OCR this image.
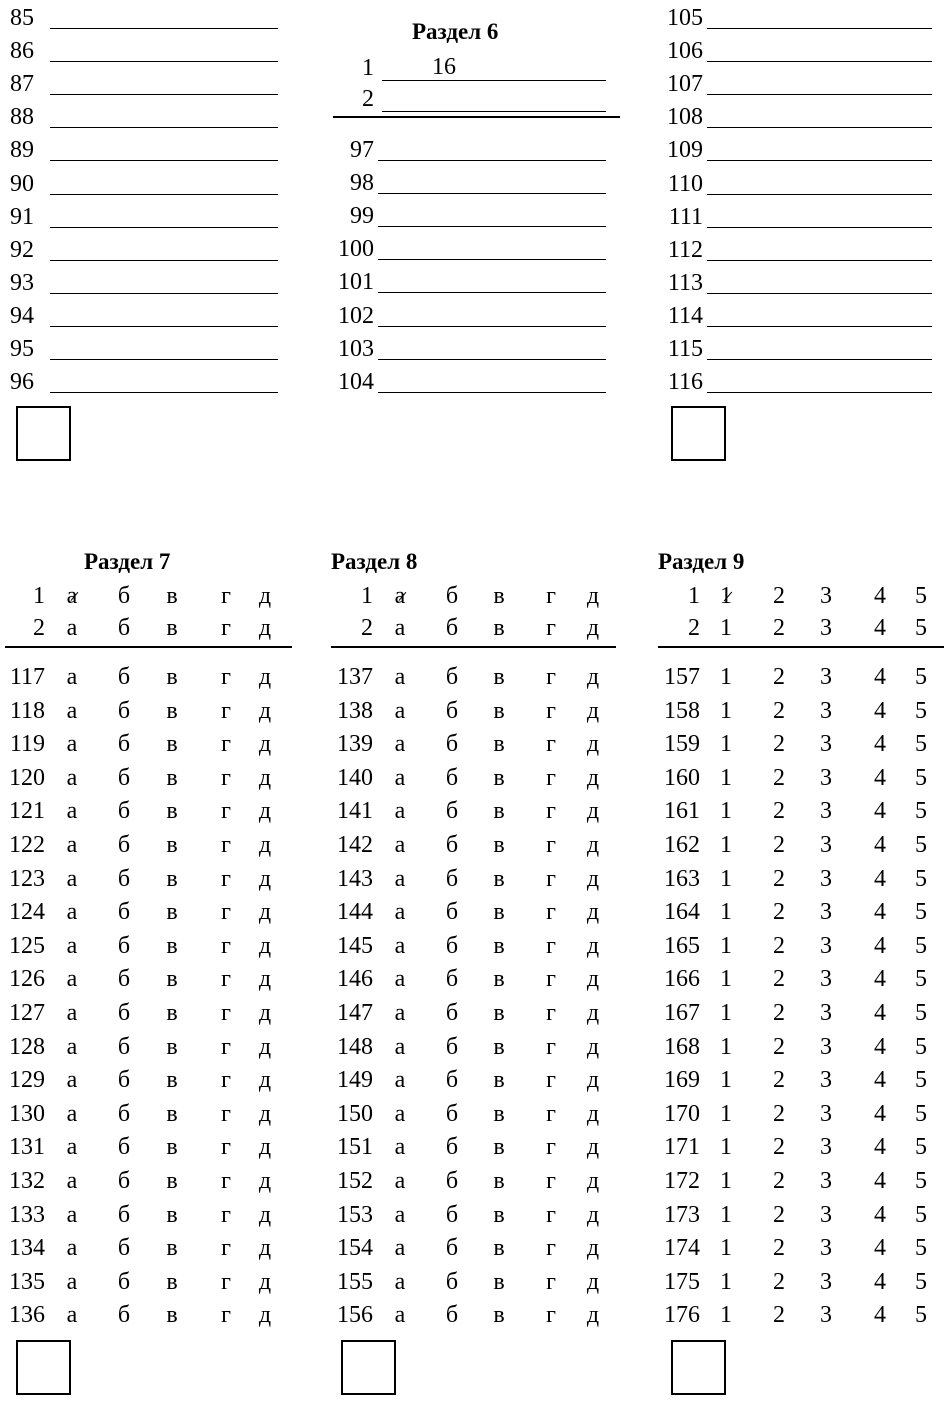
85
86
87
88
89
90
91
92
93
94
95
96
Раздел 6
1 16
2
97
98
99
100
101
102
103
104
105
106
107
108
109
110
111
112
113
114
115
116
Раздел 7	Раздел 8	Раздел 9
1 а	б	в	г	д
2 а	б	в	г	д
117 а	б	в	г	д
118 а	б	в	г	д
119 а	б	в	г	д
120 а	б	в	г	д
121 а	б	в	г	д
122 а	б	в	г	д
123 а	б	в	г	д
124 а	б	в	г	д
125 а	б	в	г	д
126 а	б	в	г	д
127 а	б	в	г	д
128 а	б	в	г	д
129 а	б	в	г	д
130 а	б	в	г	д
131 а	б	в	г	д
132 а	б	в	г	д
133 а	б	в	г	д
134 а	б	в	г	д
135 а	б	в	г	д
136 а	б	в	г	д
1 а	б	в	г	д
2 а	б	в	г	д
137 а	б	в	г	д
138 а	б	в	г	д
139 а	б	в	г	д
140 а	б	в	г	д
141 а	б	в	г	д
142 а	б	в	г	д
143 а	б	в	г	д
144 а	б	в	г	д
145 а	б	в	г	д
146 а	б	в	г	д
147 а	б	в	г	д
148 а	б	в	г	д
149 а	б	в	г	д
150 а	б	в	г	д
151 а	б	в	г	д
152 а	б	в	г	д
153 а	б	в	г	д
154 а	б	в	г	д
155 а	б	в	г	д
156 а	б	в	г	д
1 1	2	3	4	5
2 1	2	3	4	5
157 1	2	3	4	5
158 1	2	3	4	5
159 1	2	3	4	5
160 1	2	3	4	5
161 1	2	3	4	5
162 1	2	3	4	5
163 1	2	3	4	5
164 1	2	3	4	5
165 1	2	3	4	5
166 1	2	3	4	5
167 1	2	3	4	5
168 1	2	3	4	5
169 1	2	3	4	5
170 1	2	3	4	5
171 1	2	3	4	5
172 1	2	3	4	5
173 1	2	3	4	5
174 1	2	3	4	5
175 1	2	3	4	5
176 1	2	3	4	5
